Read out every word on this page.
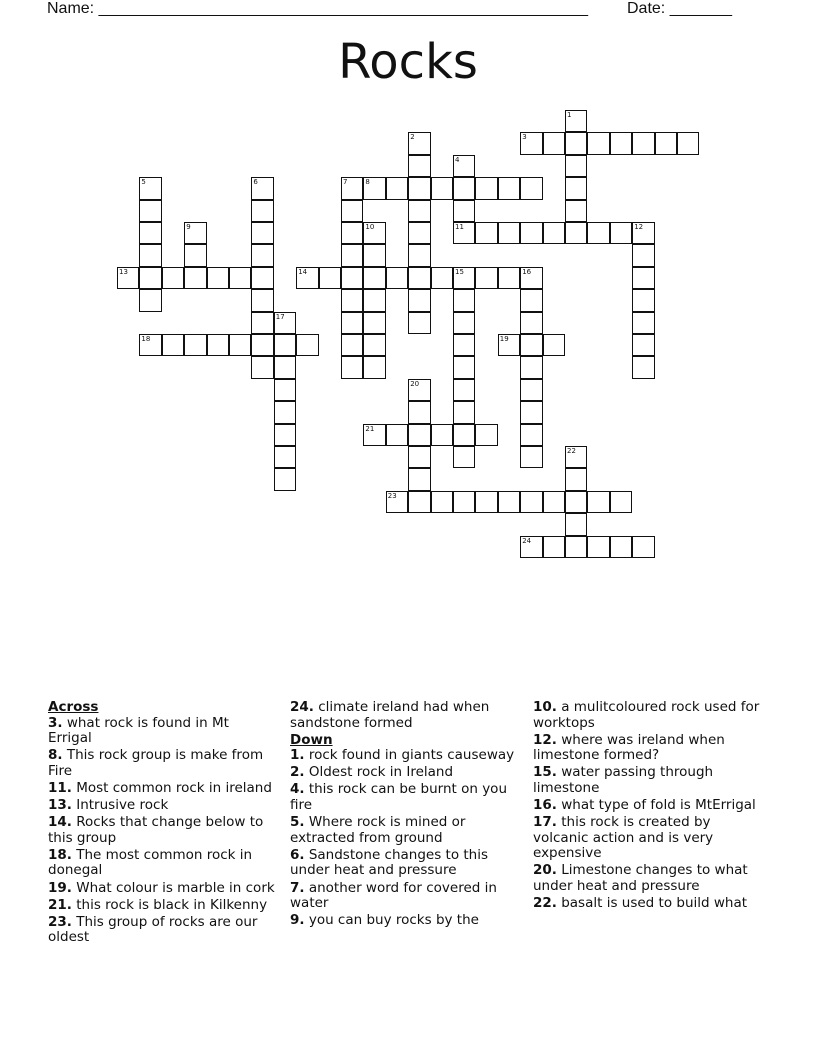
Name: _______________________________________________________ Date: _______
Rocks
1
2	3
4
11
5	6	7	8
9	10	12
13	14	15	16
17
18	19
20
21
22
23
24
Across
3. what rock is found in Mt Errigal
8. This rock group is make from Fire
11. Most common rock in ireland
13. Intrusive rock
14. Rocks that change below to this group
18. The most common rock in donegal
19. What colour is marble in cork
21. this rock is black in Kilkenny
23. This group of rocks are our oldest
24. climate ireland had when sandstone formed
Down
1. rock found in giants causeway
2. Oldest rock in Ireland
4. this rock can be burnt on you fire
5. Where rock is mined or extracted from ground
6. Sandstone changes to this under heat and pressure
7. another word for covered in water
9. you can buy rocks by the
10. a mulitcoloured rock used for worktops
12. where was ireland when limestone formed?
15. water passing through limestone
16. what type of fold is MtErrigal
17. this rock is created by volcanic action and is very expensive
20. Limestone changes to what under heat and pressure
22. basalt is used to build what
